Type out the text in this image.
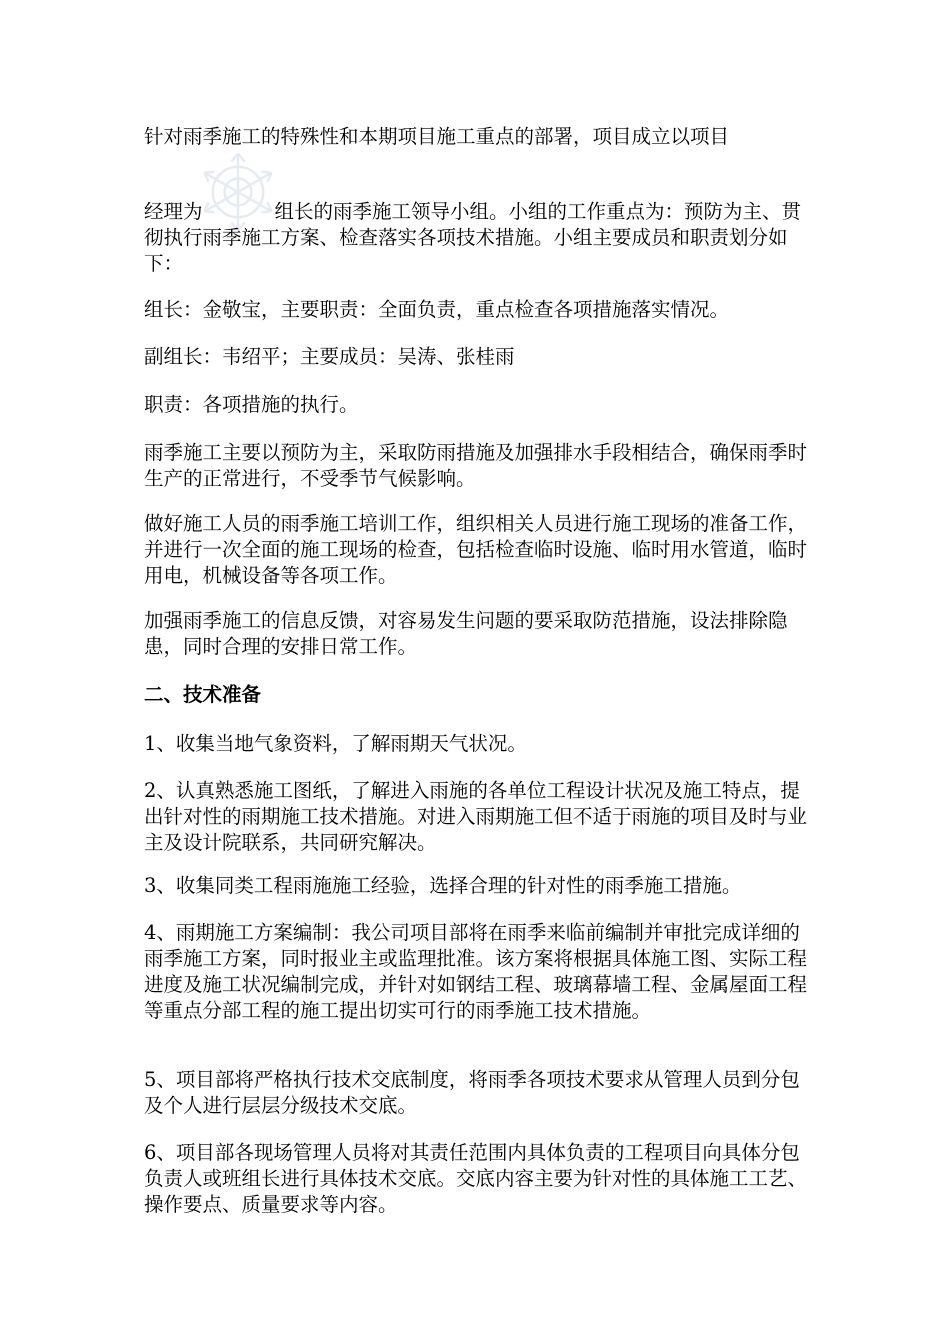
针对雨季施工的特殊性和本期项目施工重点的部署，项目成立以项目

经理为	组长的雨季施工领导小组。小组的工作重点为：预防为主、贯彻执行雨季施工方案、检查落实各项技术措施。小组主要成员和职责划分如下：

组长：金敬宝，主要职责：全面负责，重点检查各项措施落实情况。

副组长：韦绍平；主要成员：吴涛、张桂雨

职责：各项措施的执行。

雨季施工主要以预防为主，采取防雨措施及加强排水手段相结合，确保雨季时生产的正常进行，不受季节气候影响。

做好施工人员的雨季施工培训工作，组织相关人员进行施工现场的准备工作，并进行一次全面的施工现场的检查，包括检查临时设施、临时用水管道，临时用电，机械设备等各项工作。

加强雨季施工的信息反馈，对容易发生问题的要采取防范措施，设法排除隐患，同时合理的安排日常工作。

二、技术准备

1、收集当地气象资料，了解雨期天气状况。

2、认真熟悉施工图纸，了解进入雨施的各单位工程设计状况及施工特点，提出针对性的雨期施工技术措施。对进入雨期施工但不适于雨施的项目及时与业主及设计院联系，共同研究解决。

3、收集同类工程雨施施工经验，选择合理的针对性的雨季施工措施。

4、雨期施工方案编制：我公司项目部将在雨季来临前编制并审批完成详细的雨季施工方案，同时报业主或监理批准。该方案将根据具体施工图、实际工程进度及施工状况编制完成，并针对如钢结工程、玻璃幕墙工程、金属屋面工程等重点分部工程的施工提出切实可行的雨季施工技术措施。

5、项目部将严格执行技术交底制度，将雨季各项技术要求从管理人员到分包及个人进行层层分级技术交底。

6、项目部各现场管理人员将对其责任范围内具体负责的工程项目向具体分包负责人或班组长进行具体技术交底。交底内容主要为针对性的具体施工工艺、操作要点、质量要求等内容。
